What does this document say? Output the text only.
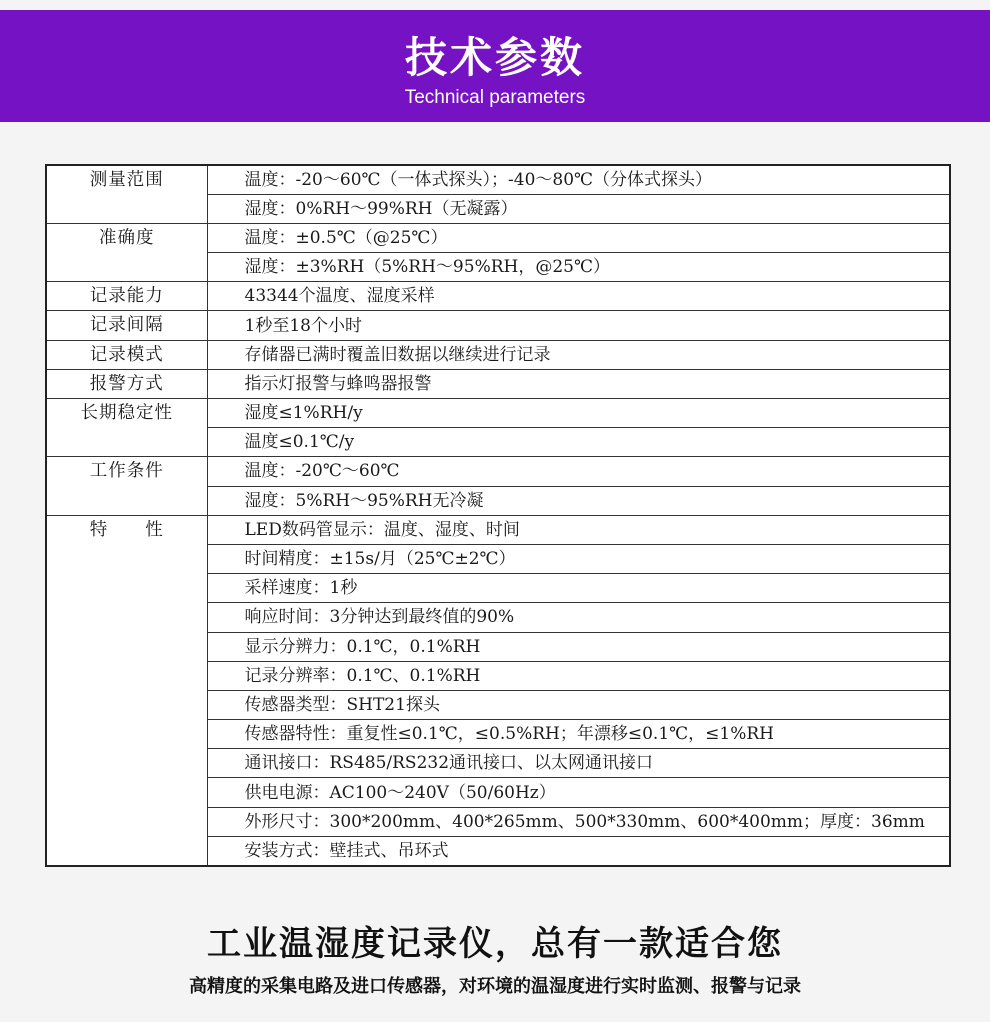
技术参数
Technical parameters
测量范围	温度：-20～60℃（一体式探头）；-40～80℃（分体式探头）
	湿度：0%RH～99%RH（无凝露）
准确度	温度：±0.5℃（@25℃）
	湿度：±3%RH（5%RH～95%RH，@25℃）
记录能力	43344个温度、湿度采样
记录间隔	1秒至18个小时
记录模式	存储器已满时覆盖旧数据以继续进行记录
报警方式	指示灯报警与蜂鸣器报警
长期稳定性	湿度≤1%RH/y
	温度≤0.1℃/y
工作条件	温度：-20℃～60℃
	湿度：5%RH～95%RH无冷凝
特　　性	LED数码管显示：温度、湿度、时间
	时间精度：±15s/月（25℃±2℃）
	采样速度：1秒
	响应时间：3分钟达到最终值的90%
	显示分辨力：0.1℃，0.1%RH
	记录分辨率：0.1℃、0.1%RH
	传感器类型：SHT21探头
	传感器特性：重复性≤0.1℃，≤0.5%RH；年漂移≤0.1℃，≤1%RH
	通讯接口：RS485/RS232通讯接口、以太网通讯接口
	供电电源：AC100～240V（50/60Hz）
	外形尺寸：300*200mm、400*265mm、500*330mm、600*400mm；厚度：36mm
	安装方式：壁挂式、吊环式
工业温湿度记录仪，总有一款适合您
高精度的采集电路及进口传感器，对环境的温湿度进行实时监测、报警与记录
